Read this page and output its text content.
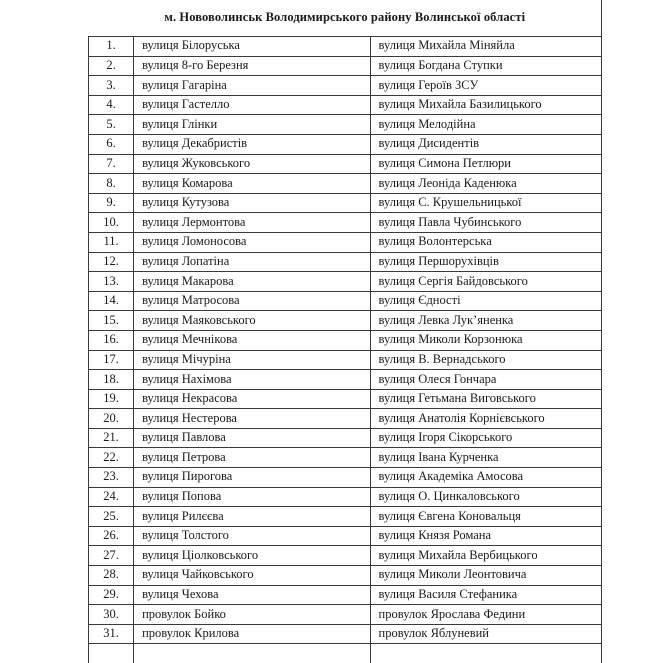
м. Нововолинськ Володимирського району Волинської області		
1.	вулиця Білоруська	вулиця Михайла Міняйла
2.	вулиця 8-го Березня	вулиця Богдана Ступки
3.	вулиця Гагаріна	вулиця Героїв ЗСУ
4.	вулиця Гастелло	вулиця Михайла Базилицького
5.	вулиця Глінки	вулиця Мелодійна
6.	вулиця Декабристів	вулиця Дисидентів
7.	вулиця Жуковського	вулиця Симона Петлюри
8.	вулиця Комарова	вулиця Леоніда Каденюка
9.	вулиця Кутузова	вулиця С. Крушельницької
10.	вулиця Лермонтова	вулиця Павла Чубинського
11.	вулиця Ломоносова	вулиця Волонтерська
12.	вулиця Лопатіна	вулиця Першорухівців
13.	вулиця Макарова	вулиця Сергія Байдовського
14.	вулиця Матросова	вулиця Єдності
15.	вулиця Маяковського	вулиця Левка Лук’яненка
16.	вулиця Мечнікова	вулиця Миколи Корзонюка
17.	вулиця Мічуріна	вулиця В. Вернадського
18.	вулиця Нахімова	вулиця Олеся Гончара
19.	вулиця Некрасова	вулиця Гетьмана Виговського
20.	вулиця Нестерова	вулиця Анатолія Корнієвського
21.	вулиця Павлова	вулиця Ігоря Сікорського
22.	вулиця Петрова	вулиця Івана Курченка
23.	вулиця Пирогова	вулиця Академіка Амосова
24.	вулиця Попова	вулиця О. Цинкаловського
25.	вулиця Рилєєва	вулиця Євгена Коновальця
26.	вулиця Толстого	вулиця Князя Романа
27.	вулиця Ціолковського	вулиця Михайла Вербицького
28.	вулиця Чайковського	вулиця Миколи Леонтовича
29.	вулиця Чехова	вулиця Василя Стефаника
30.	провулок Бойко	провулок Ярослава Федини
31.	провулок Крилова	провулок Яблуневий
